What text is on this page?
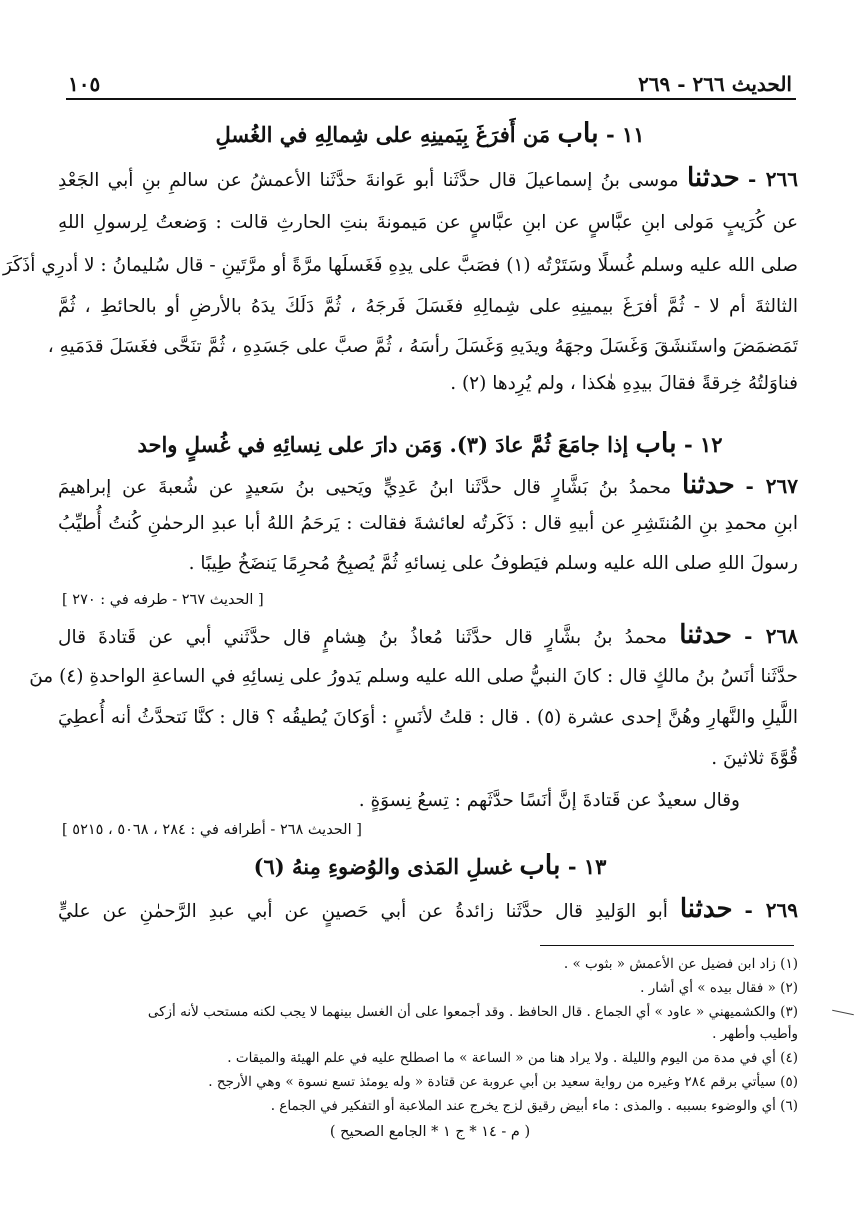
الحديث ٢٦٦ - ٢٦٩
١٠٥
١١ - باب مَن أَفرَغَ بِيَمينِهِ على شِمالِهِ في الغُسلِ
٢٦٦ - حدثنا موسى بنُ إسماعيلَ قال حدَّثَنا أبو عَوانةَ حدَّثَنا الأعمشُ عن سالمِ بنِ أبي الجَعْدِ
عن كُرَيبٍ مَولى ابنِ عبَّاسٍ عن ابنِ عبَّاسٍ عن مَيمونةَ بنتِ الحارثِ قالت : وَضعتُ لِرسولِ اللهِ
صلى الله عليه وسلم غُسلًا وسَتَرْتُه (١) فصَبَّ على يدِهِ فَغَسلَها مرَّةً أو مرَّتَينِ - قال سُليمانُ : لا أدرِي أذَكَرَ
الثالثةَ أم لا - ثُمَّ أفرَغَ بيمينِهِ على شِمالِهِ فغَسَلَ فَرجَهُ ، ثُمَّ دَلَكَ يدَهُ بالأرضِ أو بالحائطِ ، ثُمَّ
تَمَضمَضَ واستَنشَقَ وَغَسَلَ وجهَهُ ويدَيهِ وَغَسَلَ رأسَهُ ، ثُمَّ صبَّ على جَسَدِهِ ، ثُمَّ تنَحَّى فغَسَلَ قدَمَيهِ ،
فناوَلتُهُ خِرقةً فقالَ بيدِهِ هٰكذا ، ولم يُرِدها (٢) .
١٢ - باب إذا جامَعَ ثُمَّ عادَ (٣). وَمَن دارَ على نِسائِهِ في غُسلٍ واحد
٢٦٧ - حدثنا محمدُ بنُ بَشَّارٍ قال حدَّثَنا ابنُ عَدِيٍّ ويَحيى بنُ سَعيدٍ عن شُعبةَ عن إبراهيمَ
ابنِ محمدِ بنِ المُنتَشِرِ عن أبيهِ قال : ذَكَرتُه لعائشةَ فقالت : يَرحَمُ اللهُ أبا عبدِ الرحمٰنِ كُنتُ أُطيِّبُ
رسولَ اللهِ صلى الله عليه وسلم فيَطوفُ على نِسائهِ ثُمَّ يُصبِحُ مُحرِمًا يَنضَخُ طِيبًا .
[ الحديث ٢٦٧ - طرفه في : ٢٧٠ ]
٢٦٨ - حدثنا محمدُ بنُ بشَّارٍ قال حدَّثَنا مُعاذُ بنُ هِشامٍ قال حدَّثَني أبي عن قَتادةَ قال
حدَّثَنا أنَسُ بنُ مالكٍ قال : كانَ النبيُّ صلى الله عليه وسلم يَدورُ على نِسائِهِ في الساعةِ الواحدةِ (٤) منَ
اللَّيلِ والنَّهارِ وهُنَّ إحدى عشرة (٥) . قال : قلتُ لأنَسٍ : أوَكانَ يُطيقُه ؟ قال : كنَّا نَتحدَّثُ أنه أُعطِيَ
قُوَّةَ ثلاثينَ .
وقال سعيدٌ عن قَتادةَ إنَّ أنَسًا حدَّثَهم : تِسعُ نِسوَةٍ .
[ الحديث ٢٦٨ - أطرافه في : ٢٨٤ ، ٥٠٦٨ ، ٥٢١٥ ]
١٣ - باب غسلِ المَذى والوُضوءِ مِنهُ (٦)
٢٦٩ - حدثنا أبو الوَليدِ قال حدَّثَنا زائدةُ عن أبي حَصينٍ عن أبي عبدِ الرَّحمٰنِ عن عليٍّ
(١) زاد ابن فضيل عن الأعمش « بثوب » .
(٢) « فقال بيده » أي أشار .
(٣) والكشميهني « عاود » أي الجماع . قال الحافظ . وقد أجمعوا على أن الغسل بينهما لا يجب لكنه مستحب لأنه أزكى
وأطيب وأطهر .
(٤) أي في مدة من اليوم والليلة . ولا يراد هنا من « الساعة » ما اصطلح عليه في علم الهيئة والميقات .
(٥) سيأتي برقم ٢٨٤ وغيره من رواية سعيد بن أبي عروبة عن قتادة « وله يومئذ تسع نسوة » وهي الأرجح .
(٦) أي والوضوء بسببه . والمذى : ماء أبيض رقيق لزج يخرج عند الملاعبة أو التفكير في الجماع .
( م - ١٤ * ج ١ * الجامع الصحيح )
